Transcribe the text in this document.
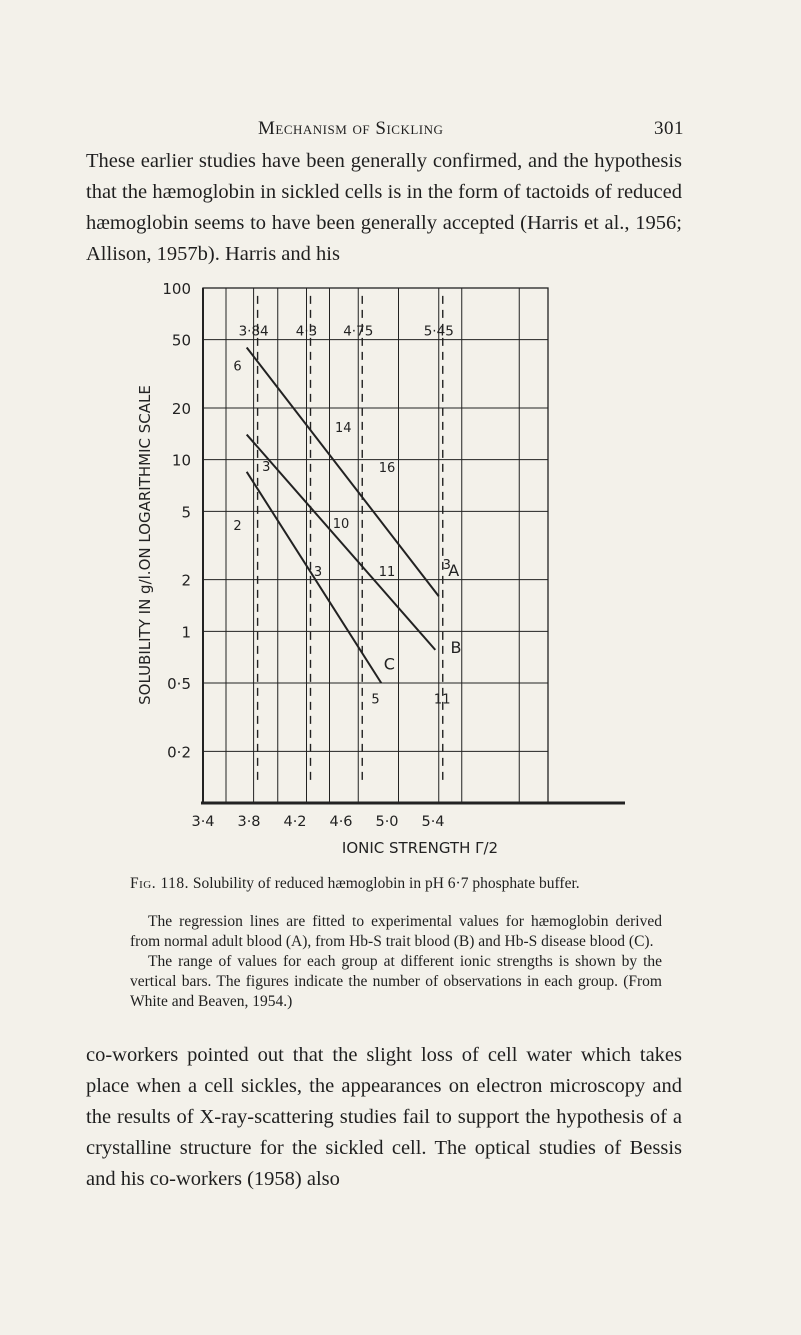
Mechanism of Sickling	301

These earlier studies have been generally confirmed, and the hypothesis that the hæmoglobin in sickled cells is in the form of tactoids of reduced hæmoglobin seems to have been generally accepted (Harris et al., 1956; Allison, 1957b). Harris and his

A
B
C
100
50
20
10
5
2
1
0·5
0·2
3·4 3·8 4·2 4·6 5·0 5·4
3·84 4·3 4·75	5·45
6
14
3
2	10
16
3	11	3
5	11
IONIC STRENGTH Γ/2
SOLUBILITY IN g/l.ON LOGARITHMIC SCALE
Fig. 118. Solubility of reduced hæmoglobin in pH 6·7 phosphate buffer.

The regression lines are fitted to experimental values for hæmoglobin derived from normal adult blood (A), from Hb-S trait blood (B) and Hb-S disease blood (C).

The range of values for each group at different ionic strengths is shown by the vertical bars. The figures indicate the number of observations in each group. (From White and Beaven, 1954.)

co-workers pointed out that the slight loss of cell water which takes place when a cell sickles, the appearances on electron microscopy and the results of X-ray-scattering studies fail to support the hypothesis of a crystalline structure for the sickled cell. The optical studies of Bessis and his co-workers (1958) also
